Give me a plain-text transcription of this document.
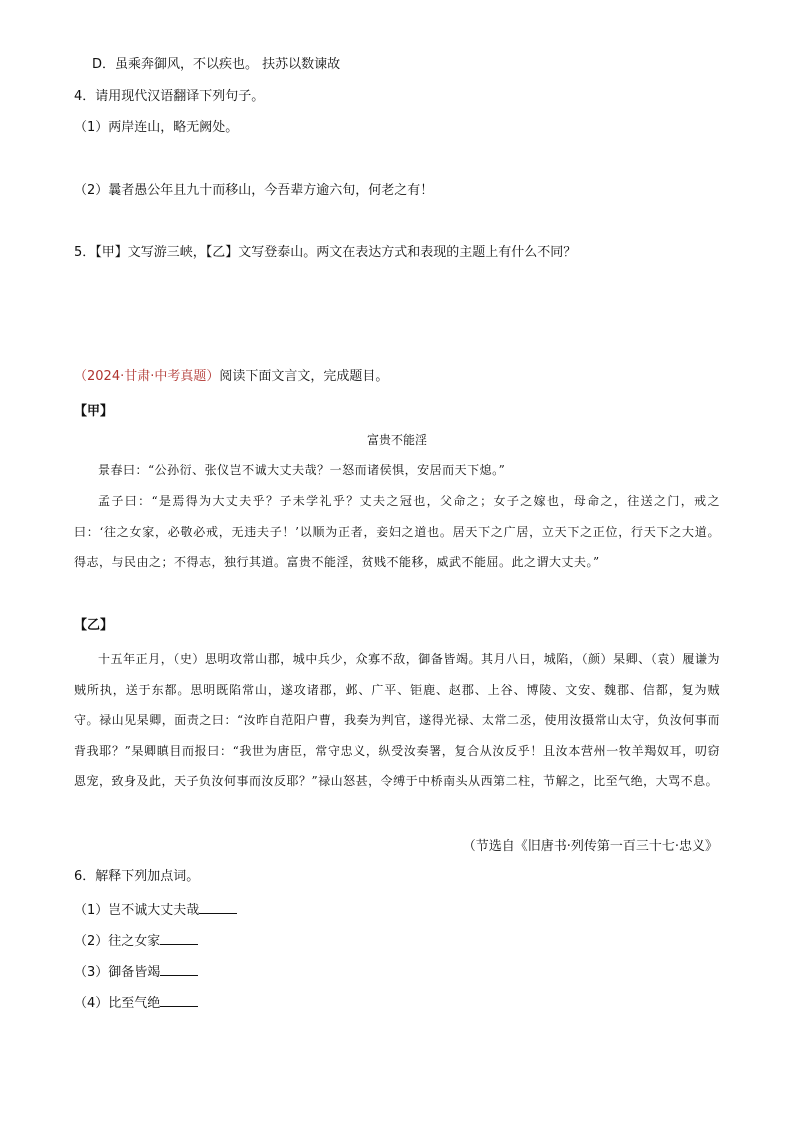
D．虽乘奔御风，不以疾也。 扶苏以数谏故
4．请用现代汉语翻译下列句子。
（1）两岸连山，略无阙处。
（2）曩者愚公年且九十而移山，今吾辈方逾六旬，何老之有！
5．【甲】文写游三峡，【乙】文写登泰山。两文在表达方式和表现的主题上有什么不同？
（2024·甘肃·中考真题）阅读下面文言文，完成题目。
【甲】
富贵不能淫
景春曰：“公孙衍、张仪岂不诚大丈夫哉？一怒而诸侯惧，安居而天下熄。”
孟子曰：“是焉得为大丈夫乎？子未学礼乎？丈夫之冠也，父命之；女子之嫁也，母命之，往送之门，戒之曰：‘往之女家，必敬必戒，无违夫子！’以顺为正者，妾妇之道也。居天下之广居，立天下之正位，行天下之大道。得志，与民由之；不得志，独行其道。富贵不能淫，贫贱不能移，威武不能屈。此之谓大丈夫。”
【乙】
十五年正月，（史）思明攻常山郡，城中兵少，众寡不敌，御备皆竭。其月八日，城陷，（颜）杲卿、（袁）履谦为贼所执，送于东都。思明既陷常山，遂攻诸郡，邺、广平、钜鹿、赵郡、上谷、博陵、文安、魏郡、信都，复为贼守。禄山见杲卿，面责之曰：“汝昨自范阳户曹，我奏为判官，遂得光禄、太常二丞，使用汝摄常山太守，负汝何事而背我耶？”杲卿瞋目而报曰：“我世为唐臣，常守忠义，纵受汝奏署，复合从汝反乎！且汝本营州一牧羊羯奴耳，叨窃恩宠，致身及此，天子负汝何事而汝反耶？”禄山怒甚，令缚于中桥南头从西第二柱，节解之，比至气绝，大骂不息。
（节选自《旧唐书·列传第一百三十七·忠义》
6．解释下列加点词。
（1）岂不诚大丈夫哉
（2）往之女家
（3）御备皆竭
（4）比至气绝
